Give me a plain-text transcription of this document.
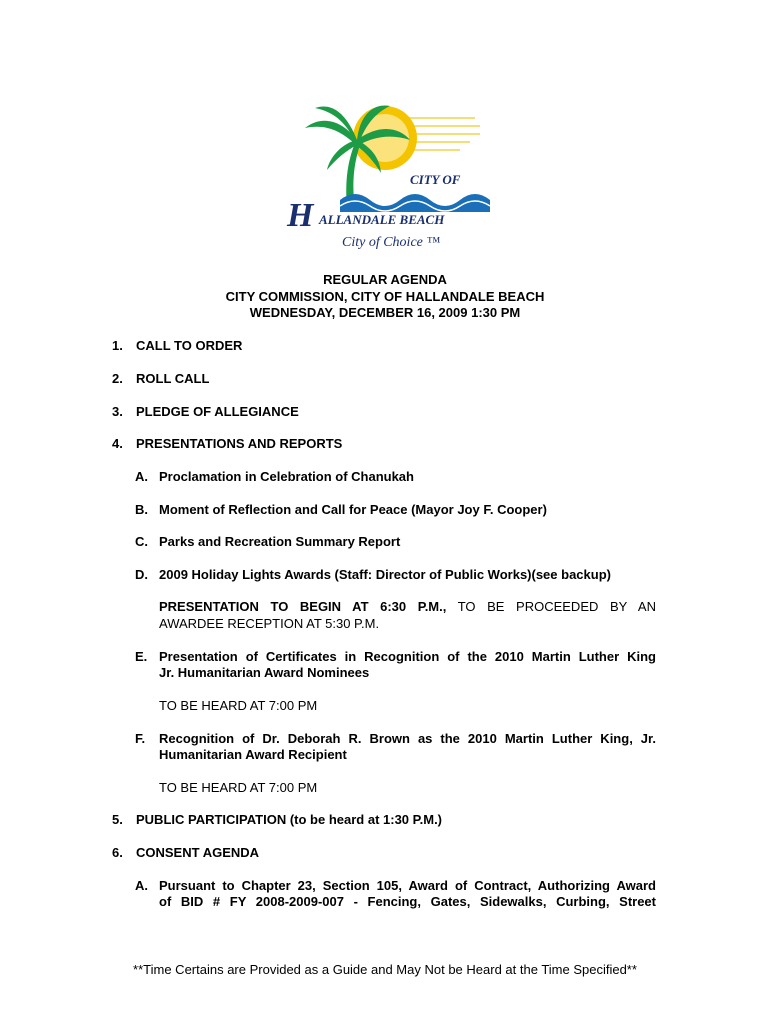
CITY OF
H ALLANDALE BEACH
City of Choice ™
REGULAR AGENDA
CITY COMMISSION, CITY OF HALLANDALE BEACH
WEDNESDAY, DECEMBER 16, 2009 1:30 PM
1. CALL TO ORDER
2. ROLL CALL
3. PLEDGE OF ALLEGIANCE
4. PRESENTATIONS AND REPORTS
A. Proclamation in Celebration of Chanukah
B. Moment of Reflection and Call for Peace (Mayor Joy F. Cooper)
C. Parks and Recreation Summary Report
D. 2009 Holiday Lights Awards (Staff: Director of Public Works)(see backup)
PRESENTATION TO BEGIN AT 6:30 P.M., TO BE PROCEEDED BY AN
AWARDEE RECEPTION AT 5:30 P.M.
E. Presentation of Certificates in Recognition of the 2010 Martin Luther King
Jr. Humanitarian Award Nominees
TO BE HEARD AT 7:00 PM
F. Recognition of Dr. Deborah R. Brown as the 2010 Martin Luther King, Jr.
Humanitarian Award Recipient
TO BE HEARD AT 7:00 PM
5. PUBLIC PARTICIPATION (to be heard at 1:30 P.M.)
6. CONSENT AGENDA
A. Pursuant to Chapter 23, Section 105, Award of Contract, Authorizing Award
of BID # FY 2008-2009-007 - Fencing, Gates, Sidewalks, Curbing, Street
**Time Certains are Provided as a Guide and May Not be Heard at the Time Specified**
